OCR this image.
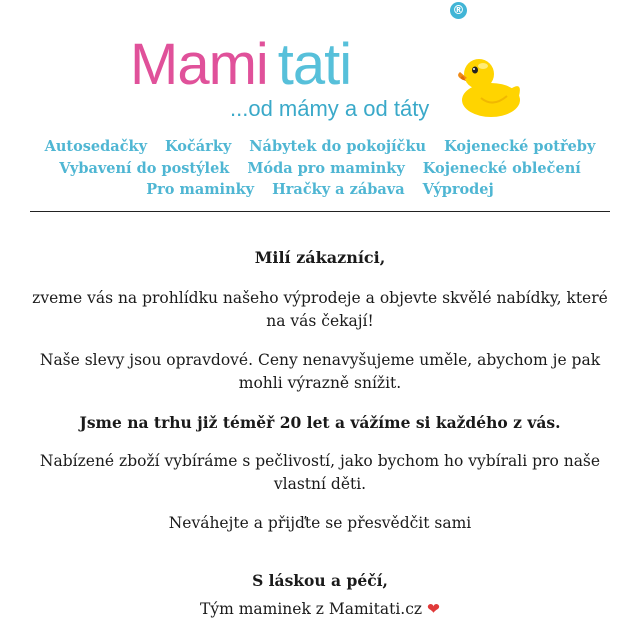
Mami tati
®
...od mámy a od táty
Autosedačky Kočárky Nábytek do pokojíčku Kojenecké potřeby
Vybavení do postýlek Móda pro maminky Kojenecké oblečení
Pro maminky Hračky a zábava Výprodej

Milí zákazníci,

zveme vás na prohlídku našeho výprodeje a objevte skvělé nabídky, které na vás čekají!

Naše slevy jsou opravdové. Ceny nenavyšujeme uměle, abychom je pak mohli výrazně snížit.

Jsme na trhu již téměř 20 let a vážíme si každého z vás.

Nabízené zboží vybíráme s pečlivostí, jako bychom ho vybírali pro naše vlastní děti.

Neváhejte a přijďte se přesvědčit sami

S láskou a péčí,

Tým maminek z Mamitati.cz ❤
